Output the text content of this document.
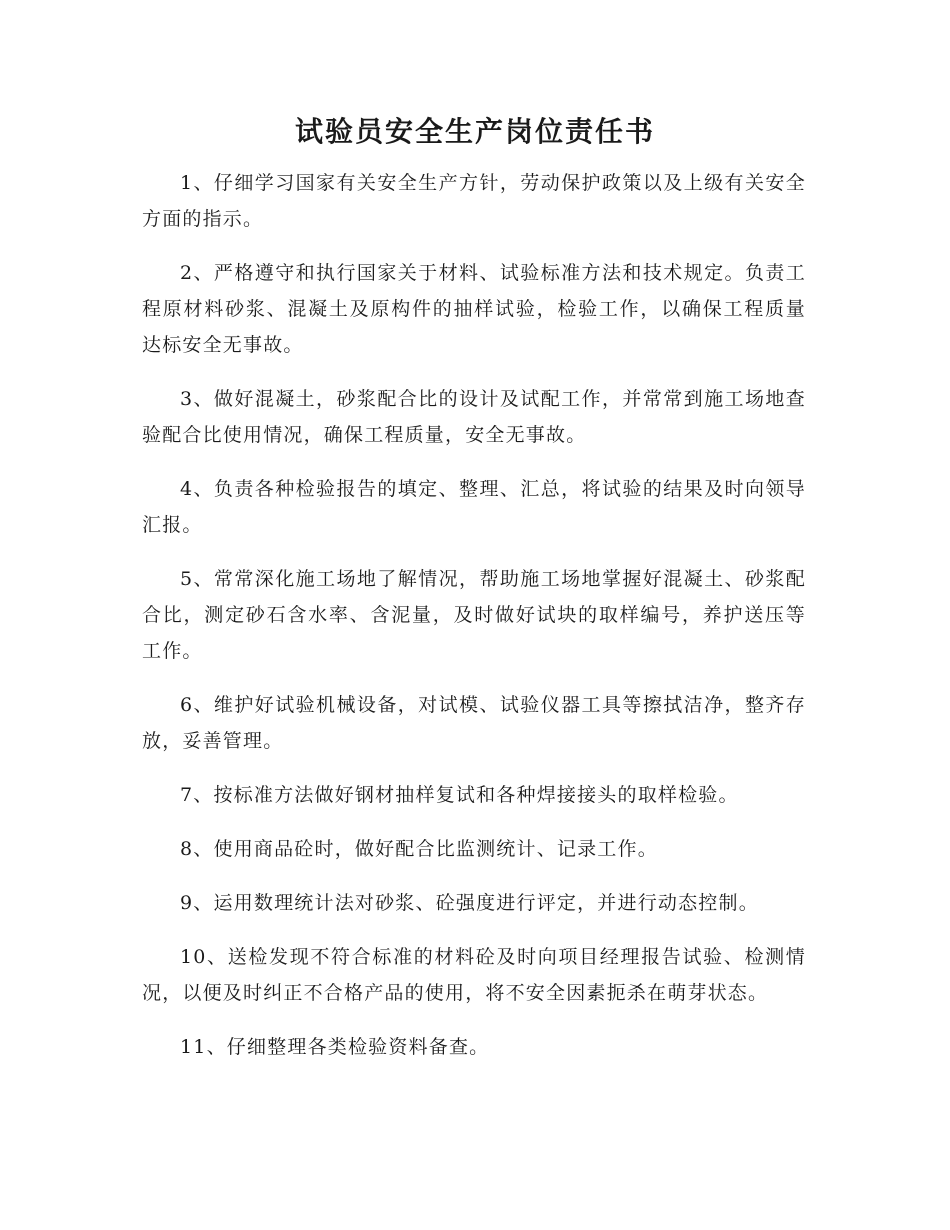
试验员安全生产岗位责任书

1、仔细学习国家有关安全生产方针，劳动保护政策以及上级有关安全方面的指示。

2、严格遵守和执行国家关于材料、试验标准方法和技术规定。负责工程原材料砂浆、混凝土及原构件的抽样试验，检验工作，以确保工程质量达标安全无事故。

3、做好混凝土，砂浆配合比的设计及试配工作，并常常到施工场地查验配合比使用情况，确保工程质量，安全无事故。

4、负责各种检验报告的填定、整理、汇总，将试验的结果及时向领导汇报。

5、常常深化施工场地了解情况，帮助施工场地掌握好混凝土、砂浆配合比，测定砂石含水率、含泥量，及时做好试块的取样编号，养护送压等工作。

6、维护好试验机械设备，对试模、试验仪器工具等擦拭洁净，整齐存放，妥善管理。

7、按标准方法做好钢材抽样复试和各种焊接接头的取样检验。

8、使用商品砼时，做好配合比监测统计、记录工作。

9、运用数理统计法对砂浆、砼强度进行评定，并进行动态控制。

10、送检发现不符合标准的材料砼及时向项目经理报告试验、检测情况，以便及时纠正不合格产品的使用，将不安全因素扼杀在萌芽状态。

11、仔细整理各类检验资料备查。
